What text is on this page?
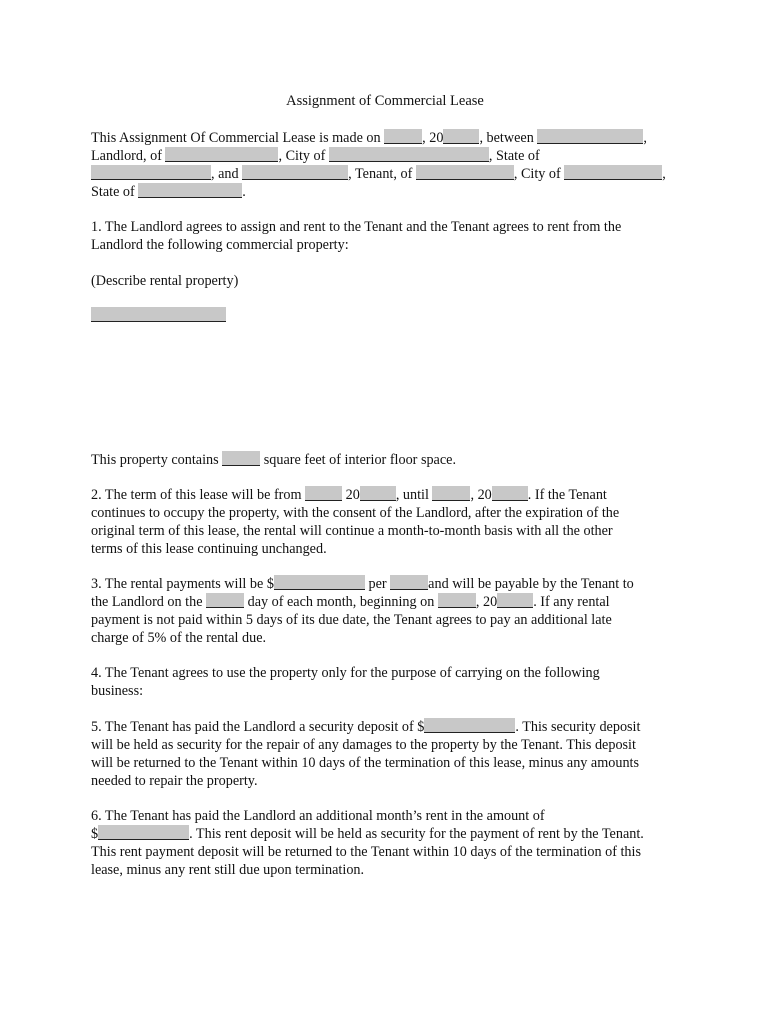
Assignment of Commercial Lease
This Assignment Of Commercial Lease is made on	, 20	, between	,
Landlord, of	, City of	, State of
, and	, Tenant, of	, City of	,
State of	.
1. The Landlord agrees to assign and rent to the Tenant and the Tenant agrees to rent from the
Landlord the following commercial property:
(Describe rental property)
This property contains	square feet of interior floor space.
2. The term of this lease will be from	20	, until	, 20	. If the Tenant
continues to occupy the property, with the consent of the Landlord, after the expiration of the
original term of this lease, the rental will continue a month-to-month basis with all the other
terms of this lease continuing unchanged.
3. The rental payments will be $	per	and will be payable by the Tenant to
the Landlord on the	day of each month, beginning on	, 20	. If any rental
payment is not paid within 5 days of its due date, the Tenant agrees to pay an additional late
charge of 5% of the rental due.
4. The Tenant agrees to use the property only for the purpose of carrying on the following
business:
5. The Tenant has paid the Landlord a security deposit of $	. This security deposit
will be held as security for the repair of any damages to the property by the Tenant. This deposit
will be returned to the Tenant within 10 days of the termination of this lease, minus any amounts
needed to repair the property.
6. The Tenant has paid the Landlord an additional month’s rent in the amount of
$	. This rent deposit will be held as security for the payment of rent by the Tenant.
This rent payment deposit will be returned to the Tenant within 10 days of the termination of this
lease, minus any rent still due upon termination.
